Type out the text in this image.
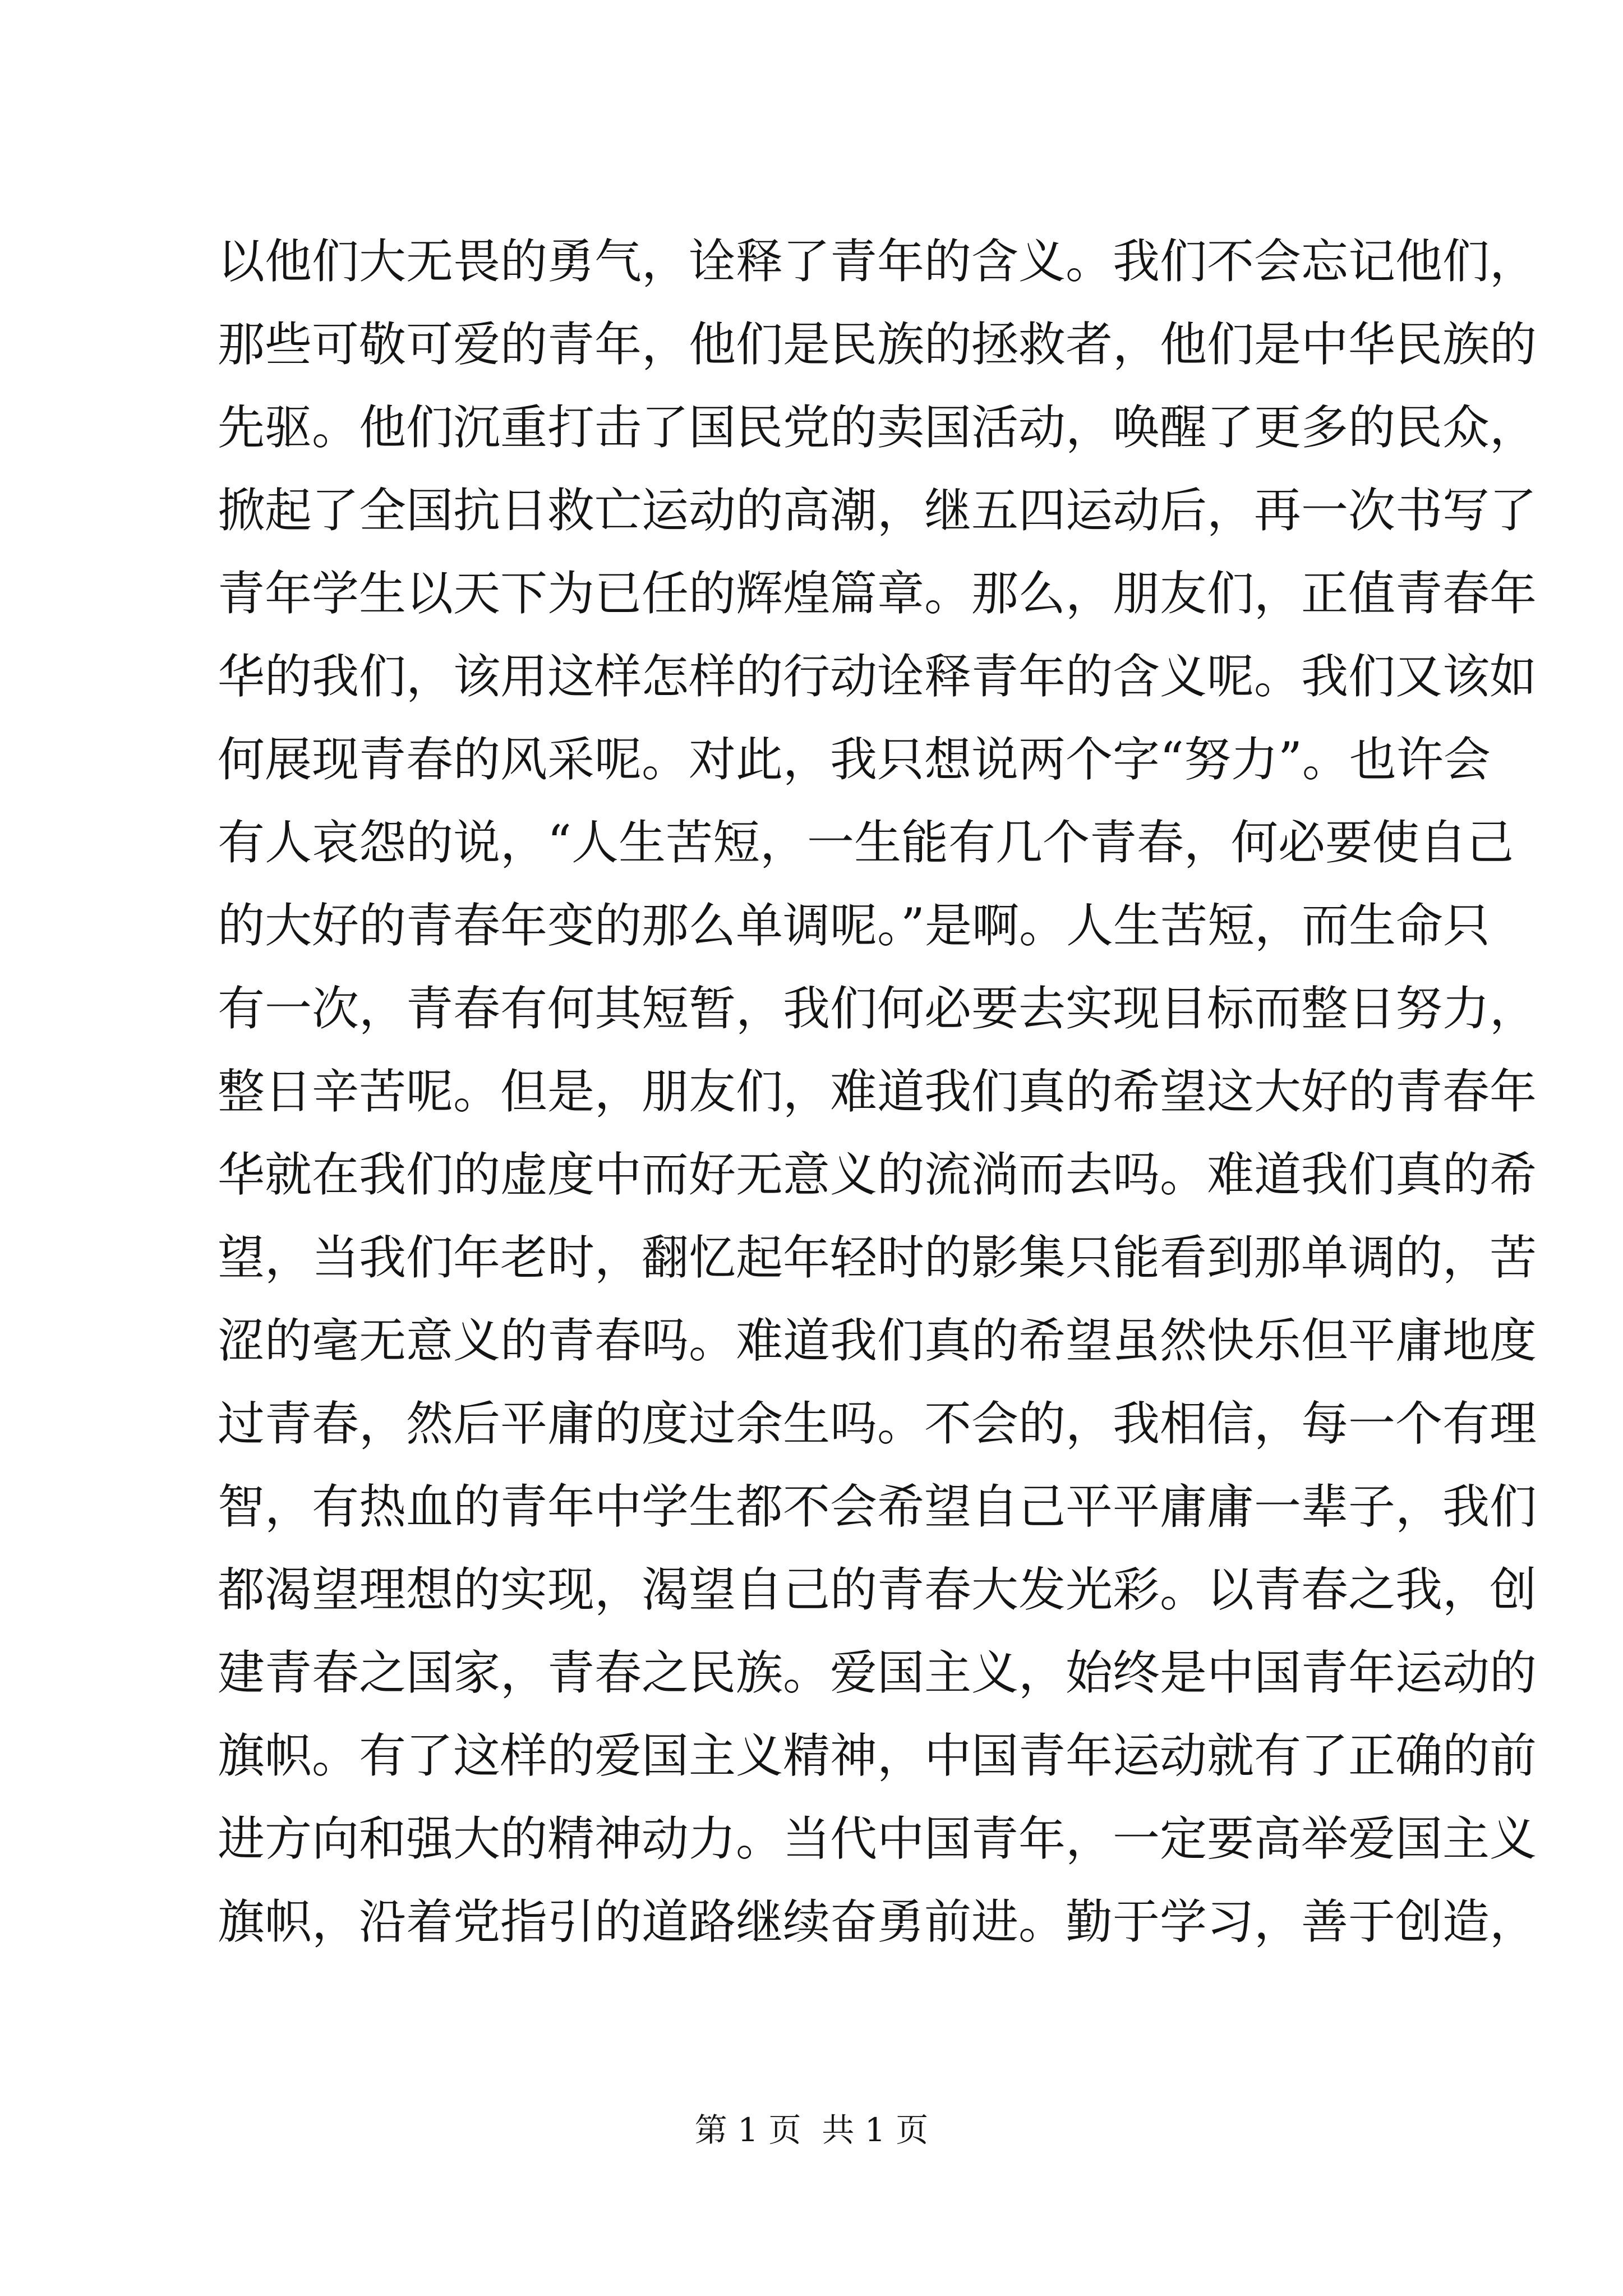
以他们大无畏的勇气，诠释了青年的含义。我们不会忘记他们，
那些可敬可爱的青年，他们是民族的拯救者，他们是中华民族的
先驱。他们沉重打击了国民党的卖国活动，唤醒了更多的民众，
掀起了全国抗日救亡运动的高潮，继五四运动后，再一次书写了
青年学生以天下为已任的辉煌篇章。那么，朋友们，正值青春年
华的我们，该用这样怎样的行动诠释青年的含义呢。我们又该如
何展现青春的风采呢。对此，我只想说两个字“努力”。也许会
有人哀怨的说，“人生苦短，一生能有几个青春，何必要使自己
的大好的青春年变的那么单调呢。”是啊。人生苦短，而生命只
有一次，青春有何其短暂，我们何必要去实现目标而整日努力，
整日辛苦呢。但是，朋友们，难道我们真的希望这大好的青春年
华就在我们的虚度中而好无意义的流淌而去吗。难道我们真的希
望，当我们年老时，翻忆起年轻时的影集只能看到那单调的，苦
涩的毫无意义的青春吗。难道我们真的希望虽然快乐但平庸地度
过青春，然后平庸的度过余生吗。不会的，我相信，每一个有理
智，有热血的青年中学生都不会希望自己平平庸庸一辈子，我们
都渴望理想的实现，渴望自己的青春大发光彩。以青春之我，创
建青春之国家，青春之民族。爱国主义，始终是中国青年运动的
旗帜。有了这样的爱国主义精神，中国青年运动就有了正确的前
进方向和强大的精神动力。当代中国青年，一定要高举爱国主义
旗帜，沿着党指引的道路继续奋勇前进。勤于学习，善于创造，
第 1 页  共 1 页
